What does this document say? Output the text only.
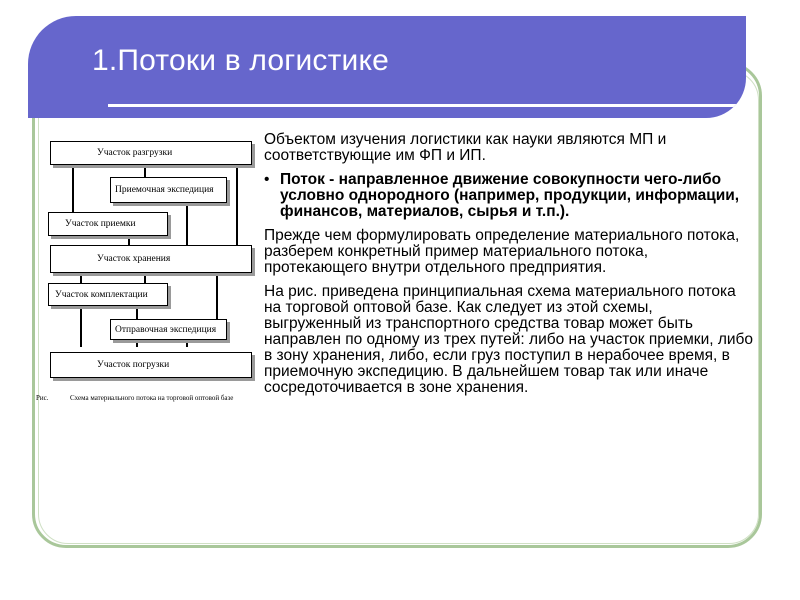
1.Потоки в логистике
Участок разгрузки
Приемочная экспедиция
Участок приемки
Участок хранения
Участок комплектации
Отправочная экспедиция
Участок погрузки
Рис.	Схема материального потока на торговой оптовой базе

Объектом изучения логистики как науки являются МП и соответствующие им ФП и ИП.

• Поток - направленное движение совокупности чего-либо условно однородного (например, продукции, информации, финансов, материалов, сырья и т.п.).

Прежде чем формулировать определение материального потока, разберем конкретный пример материального потока, протекающего внутри отдельного предприятия.

На рис. приведена принципиальная схема материального потока на торговой оптовой базе. Как следует из этой схемы, выгруженный из транспортного средства товар может быть направлен по одному из трех путей: либо на участок приемки, либо в зону хранения, либо, если груз поступил в нерабочее время, в приемочную экспедицию. В дальнейшем товар так или иначе сосредоточивается в зоне хранения.
